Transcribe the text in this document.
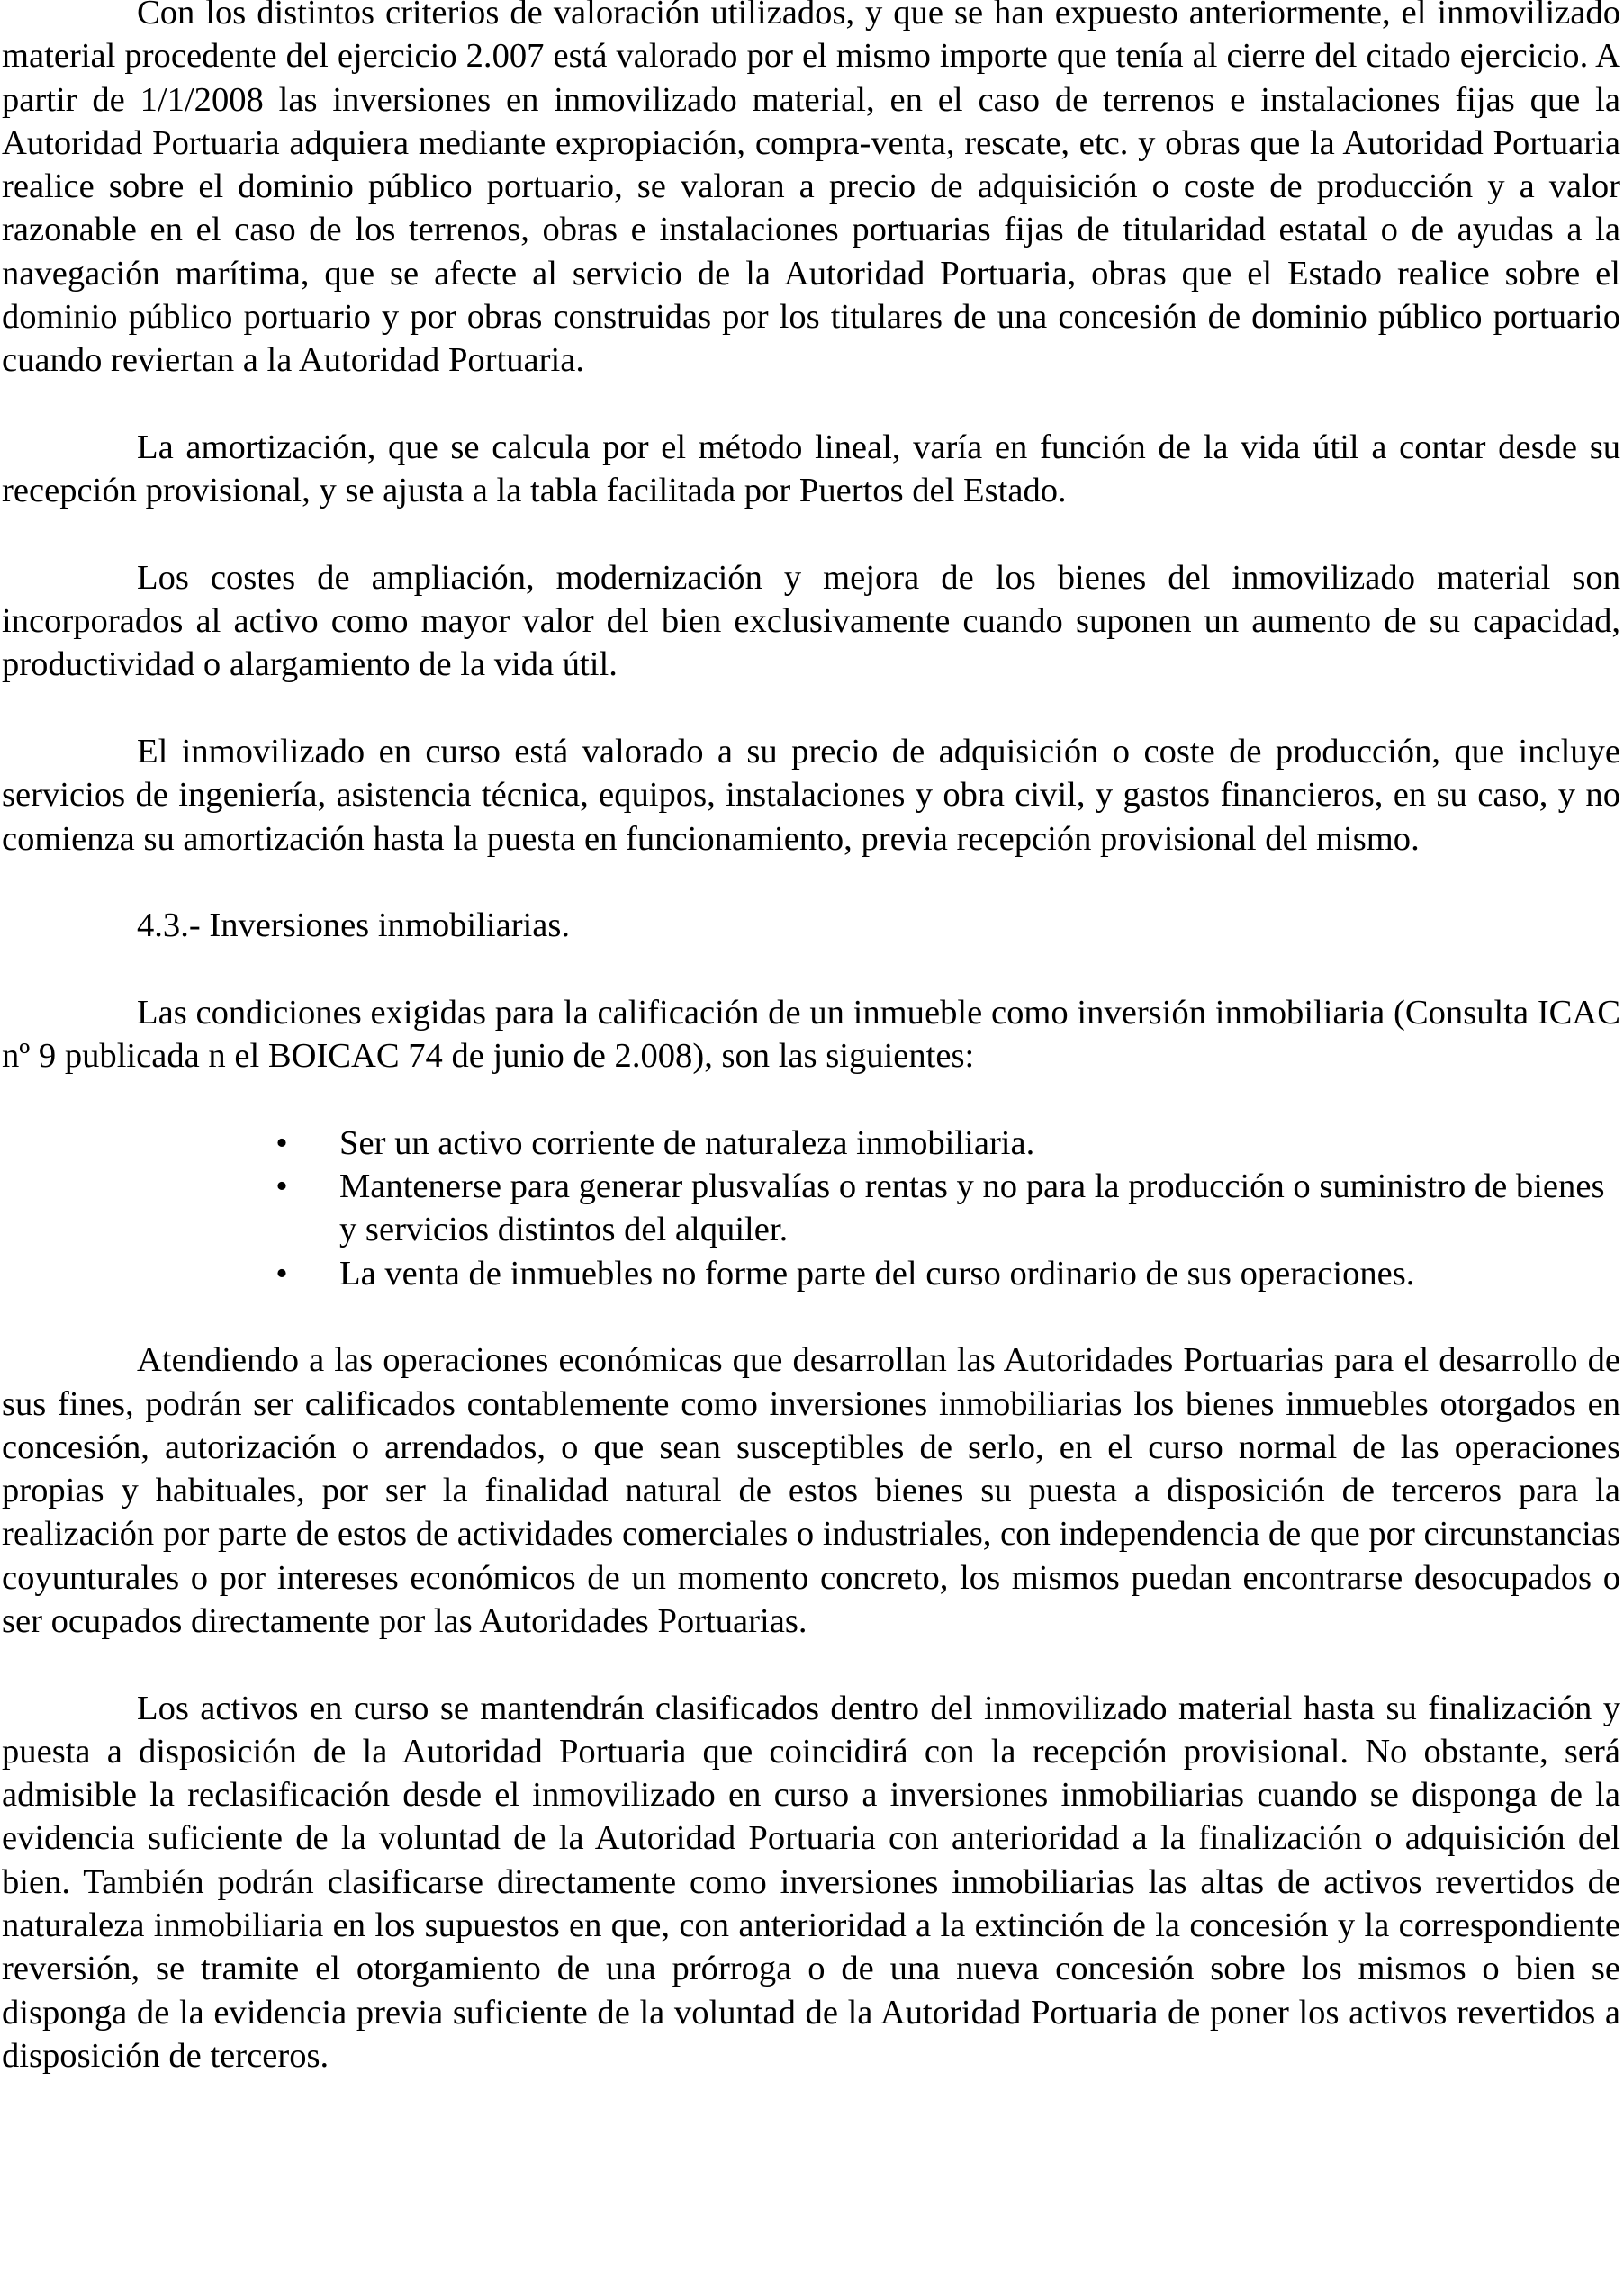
Con los distintos criterios de valoración utilizados, y que se han expuesto anteriormente, el inmovilizado material procedente del ejercicio 2.007 está valorado por el mismo importe que tenía al cierre del citado ejercicio. A partir de 1/1/2008 las inversiones en inmovilizado material, en el caso de terrenos e instalaciones fijas que la Autoridad Portuaria adquiera mediante expropiación, compra-venta, rescate, etc. y obras que la Autoridad Portuaria realice sobre el dominio público portuario, se valoran a precio de adquisición o coste de producción y a valor razonable en el caso de los terrenos, obras e instalaciones portuarias fijas de titularidad estatal o de ayudas a la navegación marítima, que se afecte al servicio de la Autoridad Portuaria, obras que el Estado realice sobre el dominio público portuario y por obras construidas por los titulares de una concesión de dominio público portuario cuando reviertan a la Autoridad Portuaria.

La amortización, que se calcula por el método lineal, varía en función de la vida útil a contar desde su recepción provisional, y se ajusta a la tabla facilitada por Puertos del Estado.

Los costes de ampliación, modernización y mejora de los bienes del inmovilizado material son incorporados al activo como mayor valor del bien exclusivamente cuando suponen un aumento de su capacidad, productividad o alargamiento de la vida útil.

El inmovilizado en curso está valorado a su precio de adquisición o coste de producción, que incluye servicios de ingeniería, asistencia técnica, equipos, instalaciones y obra civil, y gastos financieros, en su caso, y no comienza su amortización hasta la puesta en funcionamiento, previa recepción provisional del mismo.

4.3.- Inversiones inmobiliarias.

Las condiciones exigidas para la calificación de un inmueble como inversión inmobiliaria (Consulta ICAC nº 9 publicada n el BOICAC 74 de junio de 2.008), son las siguientes:

• Ser un activo corriente de naturaleza inmobiliaria.
• Mantenerse para generar plusvalías o rentas y no para la producción o suministro de bienes y servicios distintos del alquiler.
• La venta de inmuebles no forme parte del curso ordinario de sus operaciones.

Atendiendo a las operaciones económicas que desarrollan las Autoridades Portuarias para el desarrollo de sus fines, podrán ser calificados contablemente como inversiones inmobiliarias los bienes inmuebles otorgados en concesión, autorización o arrendados, o que sean susceptibles de serlo, en el curso normal de las operaciones propias y habituales, por ser la finalidad natural de estos bienes su puesta a disposición de terceros para la realización por parte de estos de actividades comerciales o industriales, con independencia de que por circunstancias coyunturales o por intereses económicos de un momento concreto, los mismos puedan encontrarse desocupados o ser ocupados directamente por las Autoridades Portuarias.

Los activos en curso se mantendrán clasificados dentro del inmovilizado material hasta su finalización y puesta a disposición de la Autoridad Portuaria que coincidirá con la recepción provisional. No obstante, será admisible la reclasificación desde el inmovilizado en curso a inversiones inmobiliarias cuando se disponga de la evidencia suficiente de la voluntad de la Autoridad Portuaria con anterioridad a la finalización o adquisición del bien. También podrán clasificarse directamente como inversiones inmobiliarias las altas de activos revertidos de naturaleza inmobiliaria en los supuestos en que, con anterioridad a la extinción de la concesión y la correspondiente reversión, se tramite el otorgamiento de una prórroga o de una nueva concesión sobre los mismos o bien se disponga de la evidencia previa suficiente de la voluntad de la Autoridad Portuaria de poner los activos revertidos a disposición de terceros.
